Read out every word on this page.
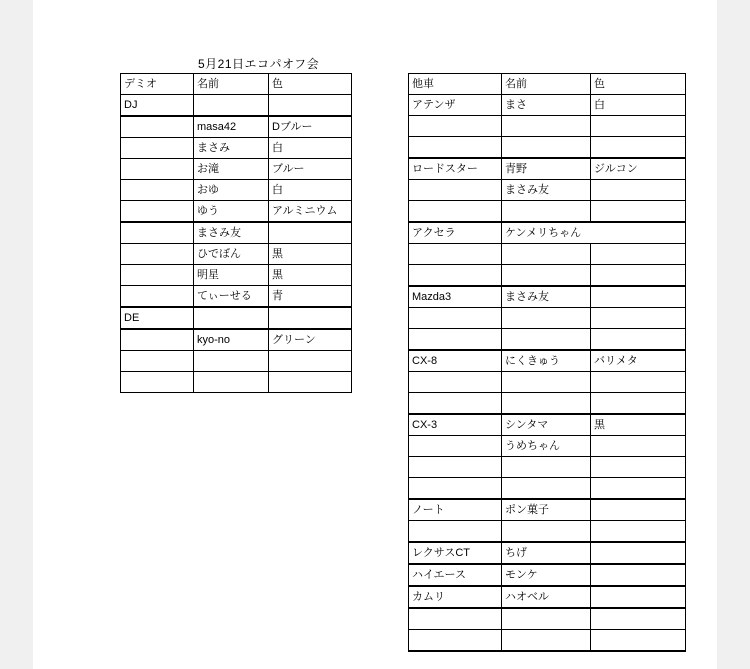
5月21日エコパオフ会
デミオ	名前	色
DJ		
	masa42	Dブルー
	まさみ	白
	お滝	ブルー
	おゆ	白
	ゆう	アルミニウム
	まさみ友	
	ひでぼん	黒
	明星	黒
	てぃーせる	青
DE		
	kyo-no	グリーン

他車	名前	色
アテンザ	まさ	白

ロードスター	青野	ジルコン
	まさみ友	

アクセラ	ケンメリちゃん	

Mazda3	まさみ友	

CX-8	にくきゅう	バリメタ

CX-3	シンタマ	黒
	うめちゃん	

ノート	ポン菓子	

レクサスCT	ちげ	
ハイエース	モンケ	
カムリ	ハオベル	
